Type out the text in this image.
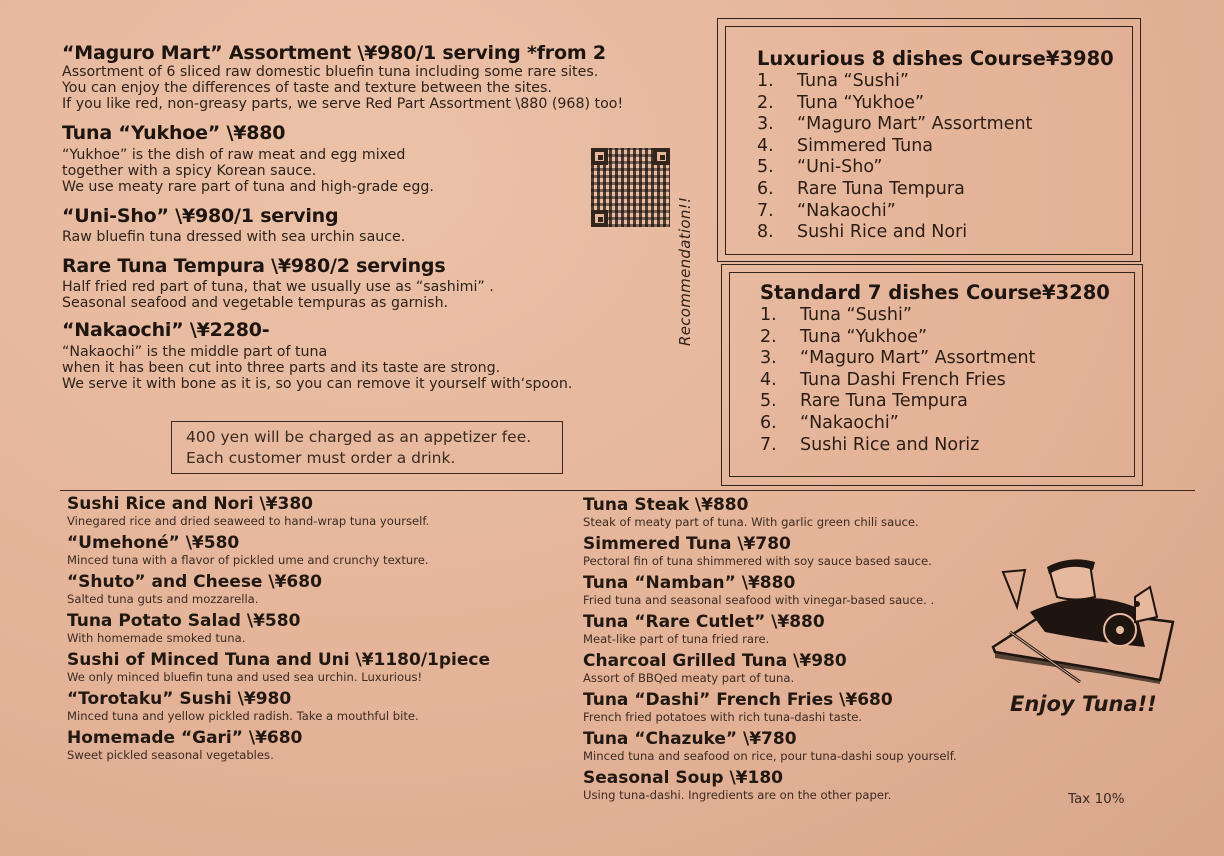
“Maguro Mart” Assortment \¥980/1 serving *from 2
Assortment of 6 sliced raw domestic bluefin tuna including some rare sites.
You can enjoy the differences of taste and texture between the sites.
If you like red, non-greasy parts, we serve Red Part Assortment \880 (968) too!
Tuna “Yukhoe” \¥880
“Yukhoe” is the dish of raw meat and egg mixed
together with a spicy Korean sauce.
We use meaty rare part of tuna and high-grade egg.
“Uni-Sho” \¥980/1 serving
Raw bluefin tuna dressed with sea urchin sauce.
Rare Tuna Tempura \¥980/2 servings
Half fried red part of tuna, that we usually use as “sashimi” .
Seasonal seafood and vegetable tempuras as garnish.
“Nakaochi” \¥2280-
“Nakaochi” is the middle part of tuna
when it has been cut into three parts and its taste are strong.
We serve it with bone as it is, so you can remove it yourself with‘spoon.
400 yen will be charged as an appetizer fee.
Each customer must order a drink.
Recommendation!!
Luxurious 8 dishes Course¥3980
1.	Tuna “Sushi”
2.	Tuna “Yukhoe”
3.	“Maguro Mart” Assortment
4.	Simmered Tuna
5.	“Uni-Sho”
6.	Rare Tuna Tempura
7.	“Nakaochi”
8.	Sushi Rice and Nori
Standard 7 dishes Course¥3280
1.	Tuna “Sushi”
2.	Tuna “Yukhoe”
3.	“Maguro Mart” Assortment
4.	Tuna Dashi French Fries
5.	Rare Tuna Tempura
6.	“Nakaochi”
7.	Sushi Rice and Noriz
Sushi Rice and Nori \¥380
Vinegared rice and dried seaweed to hand-wrap tuna yourself.
“Umehoné” \¥580
Minced tuna with a flavor of pickled ume and crunchy texture.
“Shuto” and Cheese \¥680
Salted tuna guts and mozzarella.
Tuna Potato Salad \¥580
With homemade smoked tuna.
Sushi of Minced Tuna and Uni \¥1180/1piece
We only minced bluefin tuna and used sea urchin. Luxurious!
“Torotaku” Sushi \¥980
Minced tuna and yellow pickled radish. Take a mouthful bite.
Homemade “Gari” \¥680
Sweet pickled seasonal vegetables.
Tuna Steak \¥880
Steak of meaty part of tuna. With garlic green chili sauce.
Simmered Tuna \¥780
Pectoral fin of tuna shimmered with soy sauce based sauce.
Tuna “Namban” \¥880
Fried tuna and seasonal seafood with vinegar-based sauce. .
Tuna “Rare Cutlet” \¥880
Meat-like part of tuna fried rare.
Charcoal Grilled Tuna \¥980
Assort of BBQed meaty part of tuna.
Tuna “Dashi” French Fries \¥680
French fried potatoes with rich tuna-dashi taste.
Tuna “Chazuke” \¥780
Minced tuna and seafood on rice, pour tuna-dashi soup yourself.
Seasonal Soup \¥180
Using tuna-dashi. Ingredients are on the other paper.
Enjoy Tuna!!
Tax 10%
